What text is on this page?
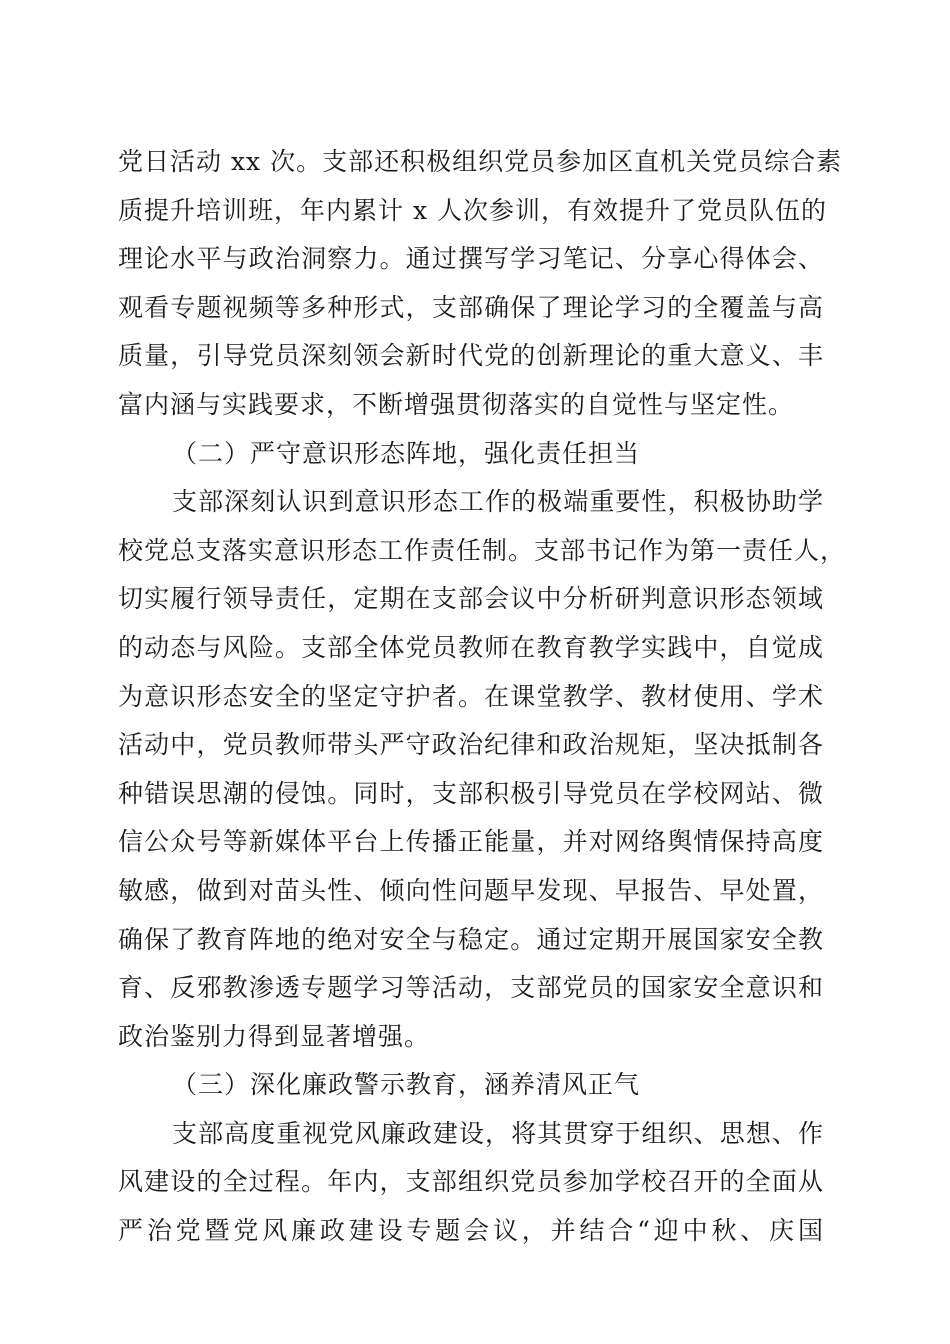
党日活动 xx 次。支部还积极组织党员参加区直机关党员综合素
质提升培训班，年内累计 x 人次参训，有效提升了党员队伍的
理论水平与政治洞察力。通过撰写学习笔记、分享心得体会、
观看专题视频等多种形式，支部确保了理论学习的全覆盖与高
质量，引导党员深刻领会新时代党的创新理论的重大意义、丰
富内涵与实践要求，不断增强贯彻落实的自觉性与坚定性。
（二）严守意识形态阵地，强化责任担当
支部深刻认识到意识形态工作的极端重要性，积极协助学
校党总支落实意识形态工作责任制。支部书记作为第一责任人，
切实履行领导责任，定期在支部会议中分析研判意识形态领域
的动态与风险。支部全体党员教师在教育教学实践中，自觉成
为意识形态安全的坚定守护者。在课堂教学、教材使用、学术
活动中，党员教师带头严守政治纪律和政治规矩，坚决抵制各
种错误思潮的侵蚀。同时，支部积极引导党员在学校网站、微
信公众号等新媒体平台上传播正能量，并对网络舆情保持高度
敏感，做到对苗头性、倾向性问题早发现、早报告、早处置，
确保了教育阵地的绝对安全与稳定。通过定期开展国家安全教
育、反邪教渗透专题学习等活动，支部党员的国家安全意识和
政治鉴别力得到显著增强。
（三）深化廉政警示教育，涵养清风正气
支部高度重视党风廉政建设，将其贯穿于组织、思想、作
风建设的全过程。年内，支部组织党员参加学校召开的全面从
严治党暨党风廉政建设专题会议，并结合“迎中秋、庆国
